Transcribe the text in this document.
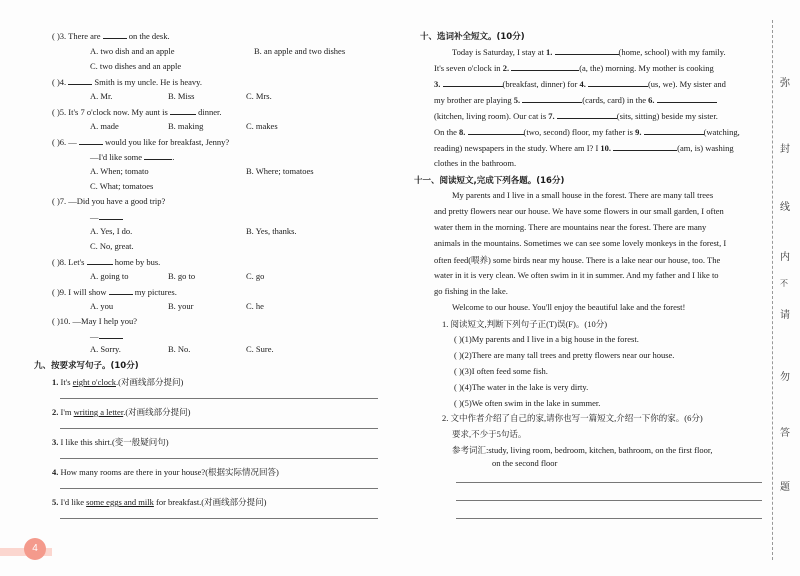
( )3. There are	on the desk.
A. two dish and an apple	B. an apple and two dishes
C. two dishes and an apple
( )4.	Smith is my uncle. He is heavy.
A. Mr.	B. Miss	C. Mrs.
( )5. It's 7 o'clock now. My aunt is	dinner.
A. made	B. making	C. makes
( )6. —	would you like for breakfast, Jenny?
—I'd like some	.
A. When; tomato	B. Where; tomatoes
C. What; tomatoes
( )7. —Did you have a good trip?
—
A. Yes, I do.	B. Yes, thanks.
C. No, great.
( )8. Let's	home by bus.
A. going to	B. go to	C. go
( )9. I will show	my pictures.
A. you	B. your	C. he
( )10. —May I help you?
—
A. Sorry.	B. No.	C. Sure.
九、按要求写句子。(10分)
1. It's eight o'clock.(对画线部分提问)
2. I'm writing a letter.(对画线部分提问)
3. I like this shirt.(变一般疑问句)
4. How many rooms are there in your house?(根据实际情况回答)
5. I'd like some eggs and milk for breakfast.(对画线部分提问)
十、选词补全短文。(10分)
Today is Saturday, I stay at 1.	(home, school) with my family.
It's seven o'clock in 2.	(a, the) morning. My mother is cooking
3.	(breakfast, dinner) for 4.	(us, we). My sister and
my brother are playing 5.	(cards, card) in the 6.
(kitchen, living room). Our cat is 7.	(sits, sitting) beside my sister.
On the 8.	(two, second) floor, my father is 9.	(watching,
reading) newspapers in the study. Where am I? I 10.	(am, is) washing
clothes in the bathroom.
十一、阅读短文,完成下列各题。(16分)
My parents and I live in a small house in the forest. There are many tall trees
and pretty flowers near our house. We have some flowers in our small garden, I often
water them in the morning. There are mountains near the forest. There are many
animals in the mountains. Sometimes we can see some lovely monkeys in the forest, I
often feed(喂养) some birds near my house. There is a lake near our house, too. The
water in it is very clean. We often swim in it in summer. And my father and I like to
go fishing in the lake.
Welcome to our house. You'll enjoy the beautiful lake and the forest!
1. 阅读短文,判断下列句子正(T)误(F)。(10分)
( )(1)My parents and I live in a big house in the forest.
( )(2)There are many tall trees and pretty flowers near our house.
( )(3)I often feed some fish.
( )(4)The water in the lake is very dirty.
( )(5)We often swim in the lake in summer.
2. 文中作者介绍了自己的家,请你也写一篇短文,介绍一下你的家。(6分)
要求,不少于5句话。
参考词汇:study, living room, bedroom, kitchen, bathroom, on the first floor,
on the second floor
弥
封
线
内
不
请
勿
答
题
4
